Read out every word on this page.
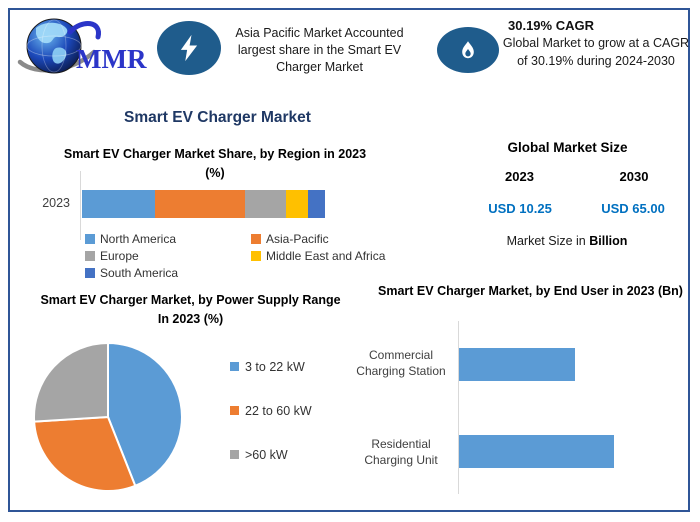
MMR
Asia Pacific Market Accounted largest share in the Smart EV Charger Market
30.19% CAGR
Global Market to grow at a CAGR of 30.19% during 2024-2030
Smart EV Charger Market
Smart EV Charger Market Share, by Region in 2023 (%)
2023
North America	Asia-Pacific
Europe	Middle East and Africa
South America
Global Market Size
2023	2030
USD 10.25	USD 65.00
Market Size in Billion
Smart EV Charger Market, by Power Supply Range In 2023 (%)
3 to 22 kW
22 to 60 kW
>60 kW
Smart EV Charger Market, by End User in 2023 (Bn)
Commercial Charging Station
Residential Charging Unit
